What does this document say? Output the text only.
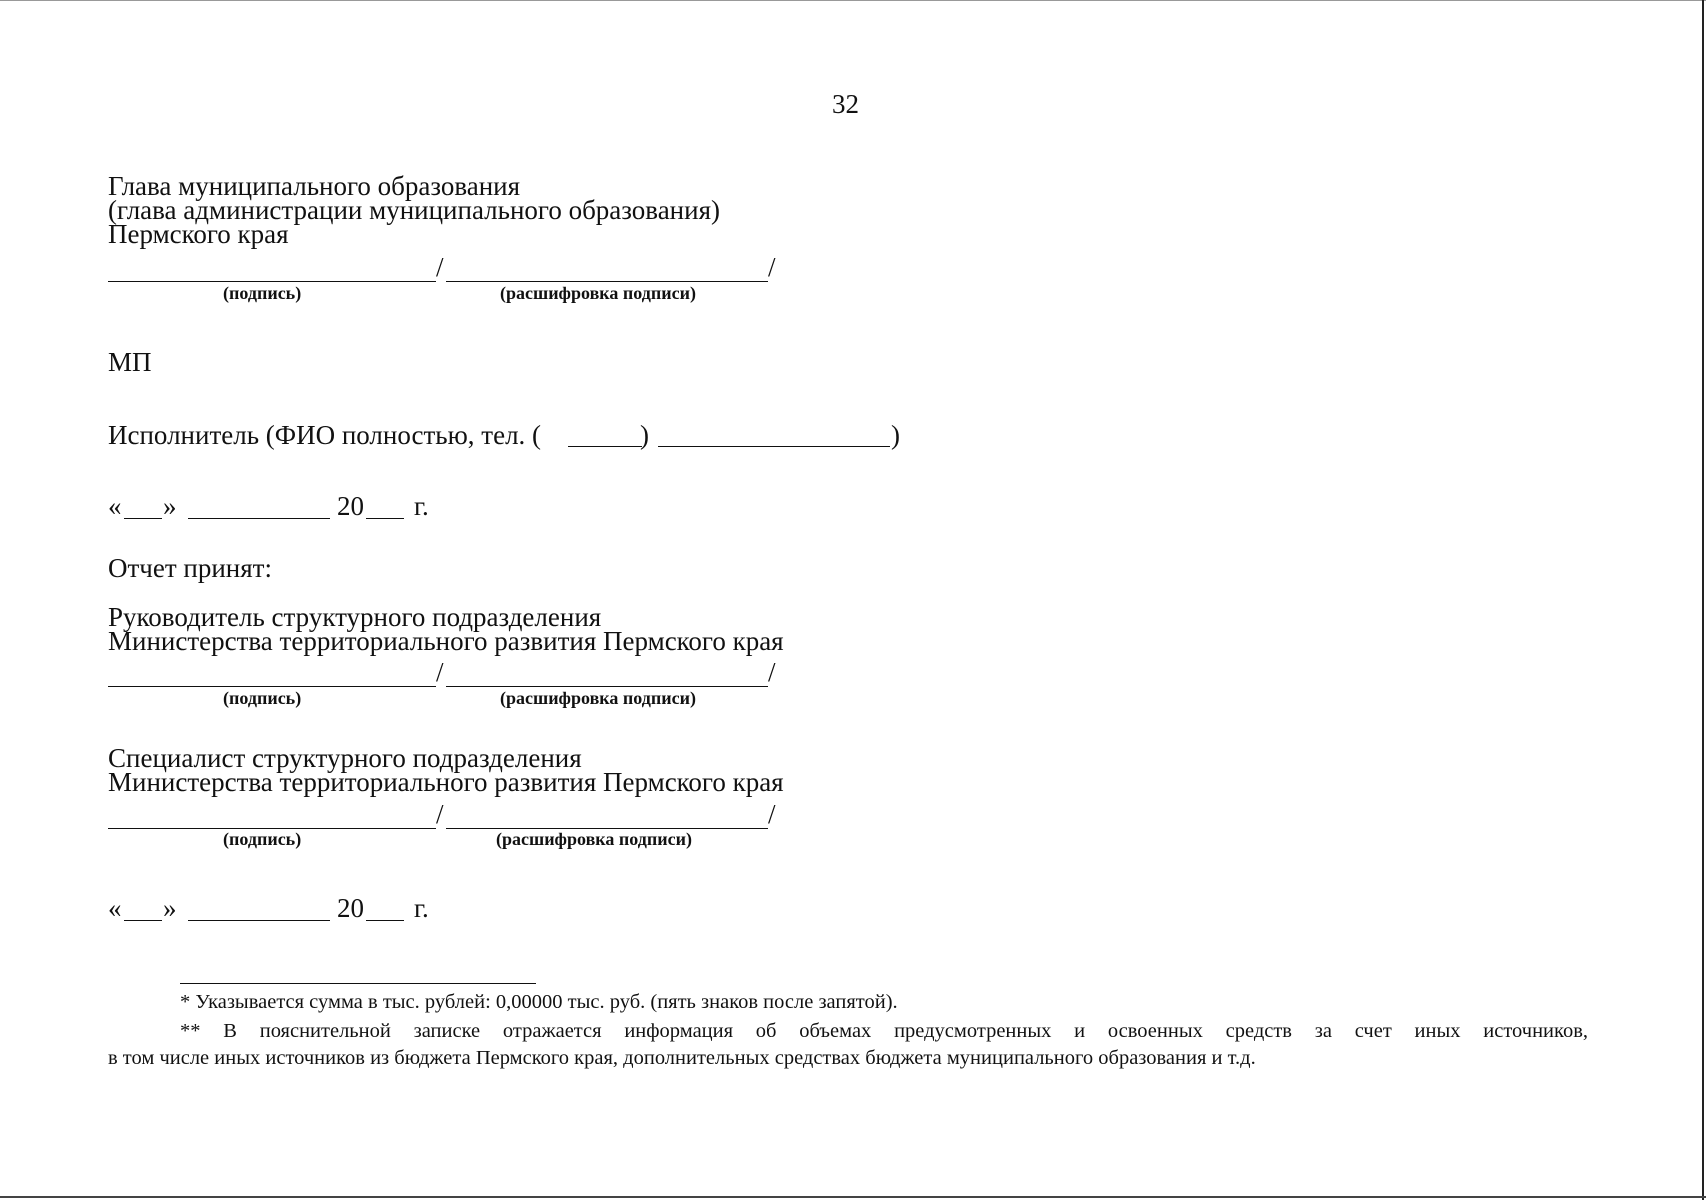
32
Глава муниципального образования
(глава администрации муниципального образования)
Пермского края
/	/
(подпись)	(расшифровка подписи)
МП
Исполнитель (ФИО полностью, тел. (	)	)
« »	20 г.
Отчет принят:
Руководитель структурного подразделения
Министерства территориального развития Пермского края
/	/
(подпись)	(расшифровка подписи)
Специалист структурного подразделения
Министерства территориального развития Пермского края
/	/
(подпись)	(расшифровка подписи)
« »	20 г.
* Указывается сумма в тыс. рублей: 0,00000 тыс. руб. (пять знаков после запятой).
** В пояснительной записке отражается информация об объемах предусмотренных и освоенных средств за счет иных источников,
в том числе иных источников из бюджета Пермского края, дополнительных средствах бюджета муниципального образования и т.д.
